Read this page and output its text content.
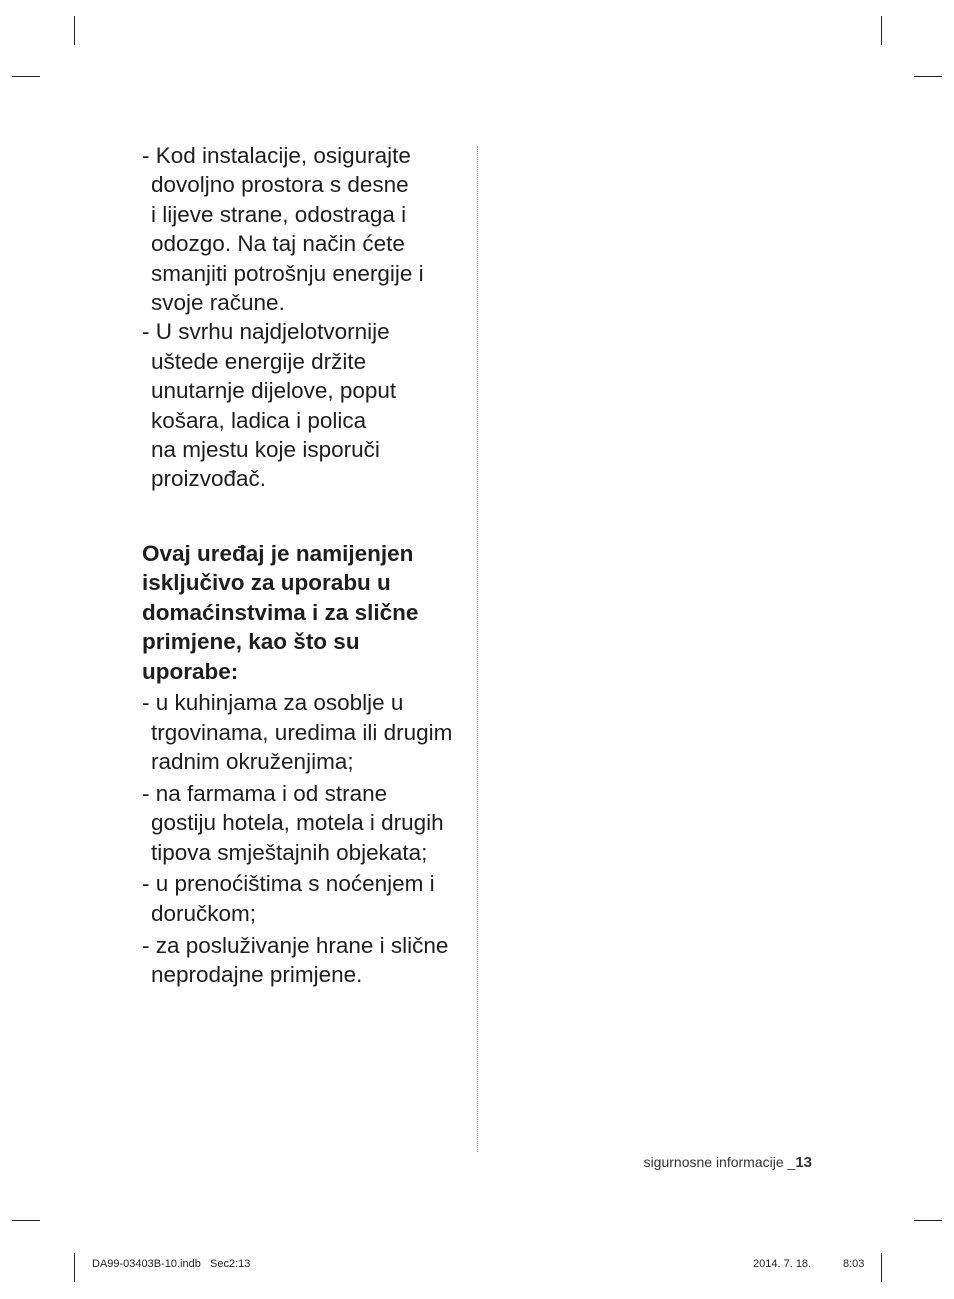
- Kod instalacije, osigurajte
dovoljno prostora s desne
i lijeve strane, odostraga i
odozgo. Na taj način ćete
smanjiti potrošnju energije i
svoje račune.

- U svrhu najdjelotvornije
uštede energije držite
unutarnje dijelove, poput
košara, ladica i polica
na mjestu koje isporuči
proizvođač.

Ovaj uređaj je namijenjen
isključivo za uporabu u
domaćinstvima i za slične
primjene, kao što su
uporabe:

- u kuhinjama za osoblje u
trgovinama, uredima ili drugim
radnim okruženjima;

- na farmama i od strane
gostiju hotela, motela i drugih
tipova smještajnih objekata;

- u prenoćištima s noćenjem i
doručkom;

- za posluživanje hrane i slične
neprodajne primjene.

sigurnosne informacije _13
DA99-03403B-10.indb   Sec2:13	2014. 7. 18.	8:03
